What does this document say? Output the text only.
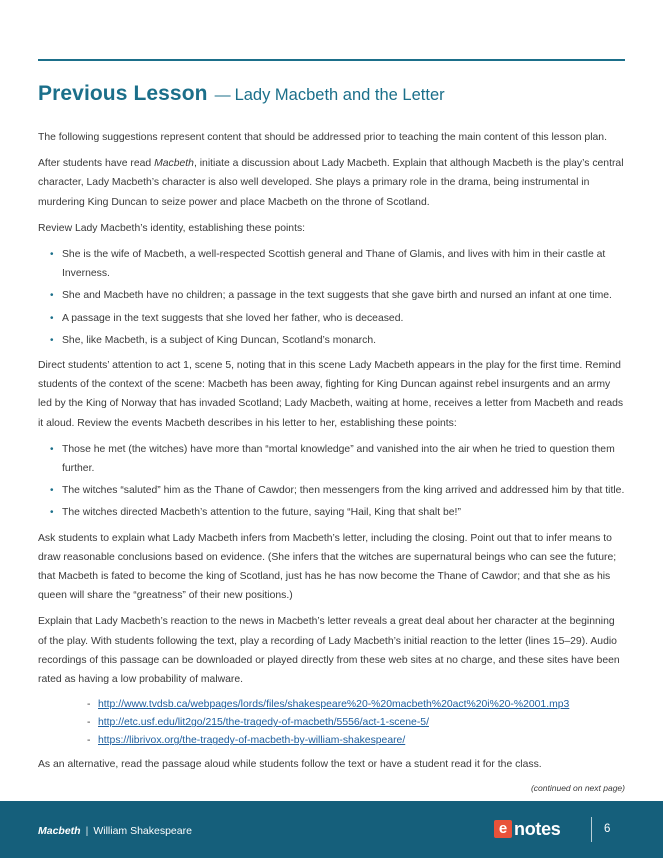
Previous Lesson — Lady Macbeth and the Letter

The following suggestions represent content that should be addressed prior to teaching the main content of this lesson plan.

After students have read Macbeth, initiate a discussion about Lady Macbeth. Explain that although Macbeth is the play’s central character, Lady Macbeth’s character is also well developed. She plays a primary role in the drama, being instrumental in murdering King Duncan to seize power and place Macbeth on the throne of Scotland.

Review Lady Macbeth’s identity, establishing these points:

• She is the wife of Macbeth, a well-respected Scottish general and Thane of Glamis, and lives with him in their castle at Inverness.
• She and Macbeth have no children; a passage in the text suggests that she gave birth and nursed an infant at one time.
• A passage in the text suggests that she loved her father, who is deceased.
• She, like Macbeth, is a subject of King Duncan, Scotland’s monarch.

Direct students’ attention to act 1, scene 5, noting that in this scene Lady Macbeth appears in the play for the first time. Remind students of the context of the scene: Macbeth has been away, fighting for King Duncan against rebel insurgents and an army led by the King of Norway that has invaded Scotland; Lady Macbeth, waiting at home, receives a letter from Macbeth and reads it aloud. Review the events Macbeth describes in his letter to her, establishing these points:

• Those he met (the witches) have more than “mortal knowledge” and vanished into the air when he tried to question them further.
• The witches “saluted” him as the Thane of Cawdor; then messengers from the king arrived and addressed him by that title.
• The witches directed Macbeth’s attention to the future, saying “Hail, King that shalt be!”

Ask students to explain what Lady Macbeth infers from Macbeth’s letter, including the closing. Point out that to infer means to draw reasonable conclusions based on evidence. (She infers that the witches are supernatural beings who can see the future; that Macbeth is fated to become the king of Scotland, just has he has now become the Thane of Cawdor; and that she as his queen will share the “greatness” of their new positions.)

Explain that Lady Macbeth’s reaction to the news in Macbeth’s letter reveals a great deal about her character at the beginning of the play. With students following the text, play a recording of Lady Macbeth’s initial reaction to the letter (lines 15–29). Audio recordings of this passage can be downloaded or played directly from these web sites at no charge, and these sites have been rated as having a low probability of malware.

- http://www.tvdsb.ca/webpages/lords/files/shakespeare%20-%20macbeth%20act%20i%20-%2001.mp3
- http://etc.usf.edu/lit2go/215/the-tragedy-of-macbeth/5556/act-1-scene-5/
- https://librivox.org/the-tragedy-of-macbeth-by-william-shakespeare/

As an alternative, read the passage aloud while students follow the text or have a student read it for the class.

(continued on next page)
Macbeth | William Shakespeare	e notes	6
